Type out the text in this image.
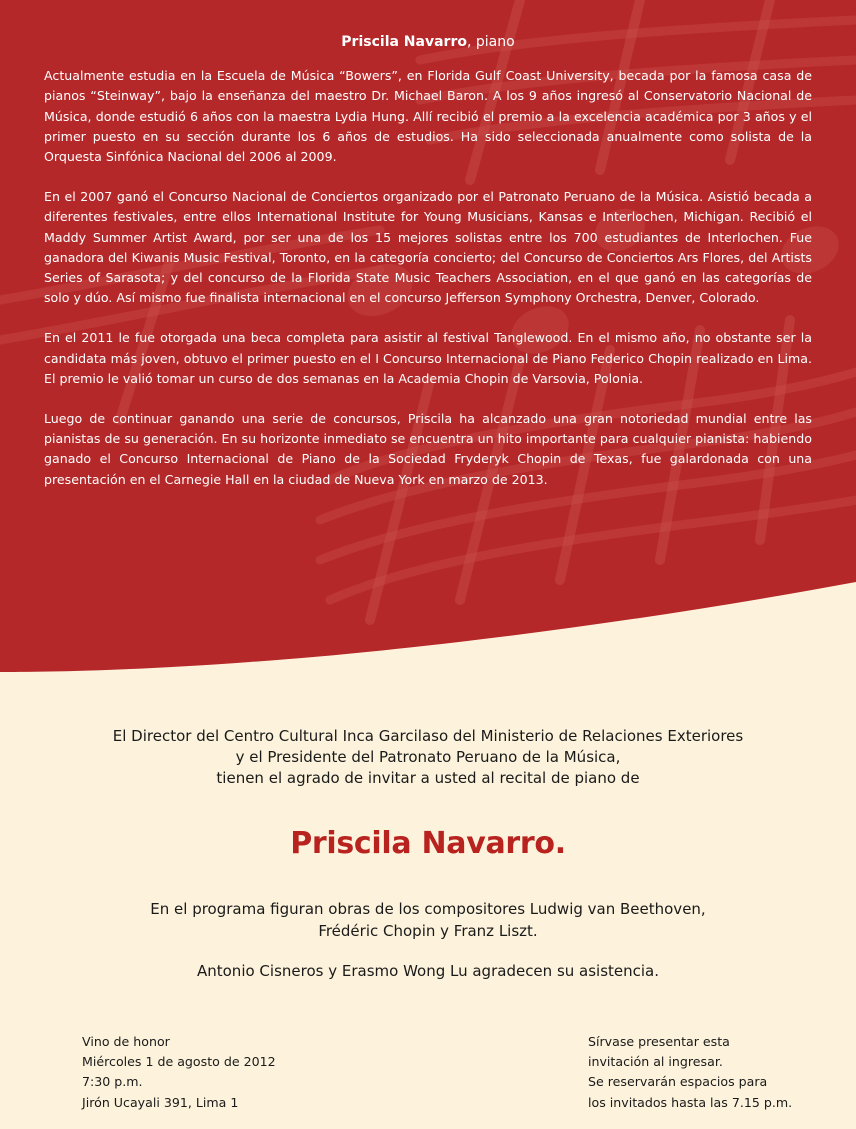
Priscila Navarro, piano

Actualmente estudia en la Escuela de Música “Bowers”, en Florida Gulf Coast University, becada por la famosa casa de pianos “Steinway”, bajo la enseñanza del maestro Dr. Michael Baron. A los 9 años ingresó al Conservatorio Nacional de Música, donde estudió 6 años con la maestra Lydia Hung. Allí recibió el premio a la excelencia académica por 3 años y el primer puesto en su sección durante los 6 años de estudios. Ha sido seleccionada anualmente como solista de la Orquesta Sinfónica Nacional del 2006 al 2009.

En el 2007 ganó el Concurso Nacional de Conciertos organizado por el Patronato Peruano de la Música. Asistió becada a diferentes festivales, entre ellos International Institute for Young Musicians, Kansas e Interlochen, Michigan. Recibió el Maddy Summer Artist Award, por ser una de los 15 mejores solistas entre los 700 estudiantes de Interlochen. Fue ganadora del Kiwanis Music Festival, Toronto, en la categoría concierto; del Concurso de Conciertos Ars Flores, del Artists Series of Sarasota; y del concurso de la Florida State Music Teachers Association, en el que ganó en las categorías de solo y dúo. Así mismo fue finalista internacional en el concurso Jefferson Symphony Orchestra, Denver, Colorado.

En el 2011 le fue otorgada una beca completa para asistir al festival Tanglewood. En el mismo año, no obstante ser la candidata más joven, obtuvo el primer puesto en el I Concurso Internacional de Piano Federico Chopin realizado en Lima. El premio le valió tomar un curso de dos semanas en la Academia Chopin de Varsovia, Polonia.

Luego de continuar ganando una serie de concursos, Priscila ha alcanzado una gran notoriedad mundial entre las pianistas de su generación. En su horizonte inmediato se encuentra un hito importante para cualquier pianista: habiendo ganado el Concurso Internacional de Piano de la Sociedad Fryderyk Chopin de Texas, fue galardonada con una presentación en el Carnegie Hall en la ciudad de Nueva York en marzo de 2013.

El Director del Centro Cultural Inca Garcilaso del Ministerio de Relaciones Exteriores
y el Presidente del Patronato Peruano de la Música,
tienen el agrado de invitar a usted al recital de piano de
Priscila Navarro.
En el programa figuran obras de los compositores Ludwig van Beethoven,
Frédéric Chopin y Franz Liszt.
Antonio Cisneros y Erasmo Wong Lu agradecen su asistencia.
Vino de honor
Miércoles 1 de agosto de 2012
7:30 p.m.
Jirón Ucayali 391, Lima 1
Sírvase presentar esta
invitación al ingresar.
Se reservarán espacios para
los invitados hasta las 7.15 p.m.
